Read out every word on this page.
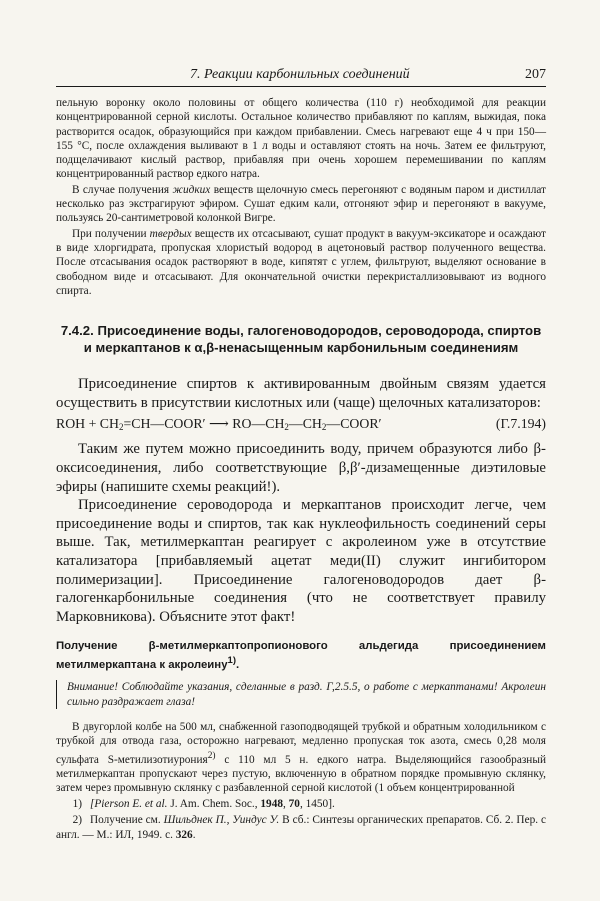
7. Реакции карбонильных соединений	207

пельную воронку около половины от общего количества (110 г) необходимой для реакции концентрированной серной кислоты. Остальное количество прибавляют по каплям, выжидая, пока растворится осадок, образующийся при каждом прибавлении. Смесь нагревают еще 4 ч при 150—155 °С, после охлаждения выливают в 1 л воды и оставляют стоять на ночь. Затем ее фильтруют, подщелачивают кислый раствор, прибавляя при очень хорошем перемешивании по каплям концентрированный раствор едкого натра.

В случае получения жидких веществ щелочную смесь перегоняют с водяным паром и дистиллат несколько раз экстрагируют эфиром. Сушат едким кали, отгоняют эфир и перегоняют в вакууме, пользуясь 20-сантиметровой колонкой Вигре.

При получении твердых веществ их отсасывают, сушат продукт в вакуум-эксикаторе и осаждают в виде хлоргидрата, пропуская хлористый водород в ацетоновый раствор полученного вещества. После отсасывания осадок растворяют в воде, кипятят с углем, фильтруют, выделяют основание в свободном виде и отсасывают. Для окончательной очистки перекристаллизовывают из водного спирта.

7.4.2. Присоединение воды, галогеноводородов, сероводорода, спиртов и меркаптанов к α,β-ненасыщенным карбонильным соединениям

Присоединение спиртов к активированным двойным связям удается осуществить в присутствии кислотных или (чаще) щелочных катализаторов:

ROH + $CH_2=CH—COOR'$ ⟶ $RO—CH_2—CH_2—COOR'$	(Г.7.194)

Таким же путем можно присоединить воду, причем образуются либо β-оксисоединения, либо соответствующие β,β′-дизамещенные диэтиловые эфиры (напишите схемы реакций!).

Присоединение сероводорода и меркаптанов происходит легче, чем присоединение воды и спиртов, так как нуклеофильность соединений серы выше. Так, метилмеркаптан реагирует с акролеином уже в отсутствие катализатора [прибавляемый ацетат меди(II) служит ингибитором полимеризации]. Присоединение галогеноводородов дает β-галогенкарбонильные соединения (что не соответствует правилу Марковникова). Объясните этот факт!

Получение β-метилмеркаптопропионового альдегида присоединением метилмеркаптана к акролеину$^{1)}$.

Внимание! Соблюдайте указания, сделанные в разд. Г,2.5.5, о работе с меркаптанами! Акролеин сильно раздражает глаза!

В двугорлой колбе на 500 мл, снабженной газоподводящей трубкой и обратным холодильником с трубкой для отвода газа, осторожно нагревают, медленно пропуская ток азота, смесь 0,28 моля сульфата S-метилизотиурония$^{2)}$ с 110 мл 5 н. едкого натра. Выделяющийся газообразный метилмеркаптан пропускают через пустую, включенную в обратном порядке промывную склянку, затем через промывную склянку с разбавленной серной кислотой (1 объем концентрированной

1) [Pierson E. et al. J. Am. Chem. Soc., 1948, 70, 1450].

2) Получение см. Шильднек П., Уиндус У. В сб.: Синтезы органических препаратов. Сб. 2. Пер. с англ. — М.: ИЛ, 1949. с. 326.
